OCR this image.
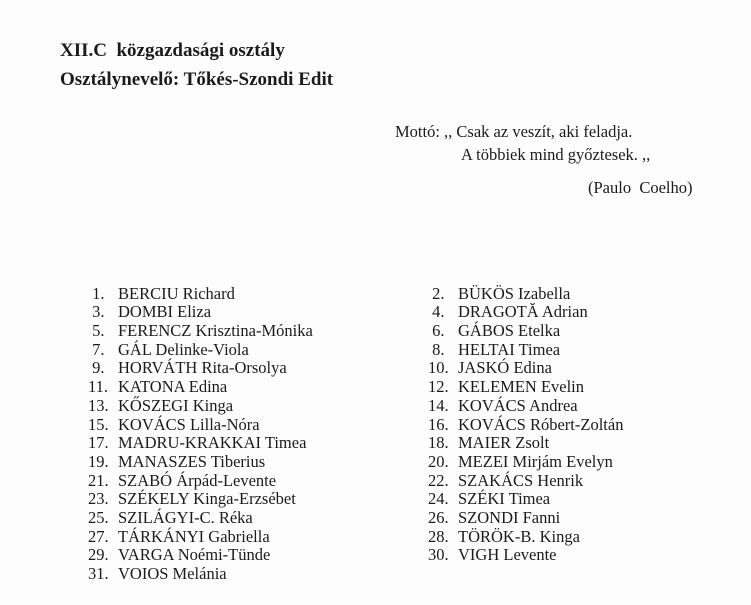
XII.C  közgazdasági osztály
Osztálynevelő: Tőkés-Szondi Edit
Mottó: ,, Csak az veszít, aki feladja.
A többiek mind győztesek. ,,
(Paulo  Coelho)

1. BERCIU Richard

3. DOMBI Eliza

5. FERENCZ Krisztina-Mónika

7. GÁL Delinke-Viola

9. HORVÁTH Rita-Orsolya

11. KATONA Edina

13. KŐSZEGI Kinga

15. KOVÁCS Lilla-Nóra

17. MADRU-KRAKKAI Timea

19. MANASZES Tiberius

21. SZABÓ Árpád-Levente

23. SZÉKELY Kinga-Erzsébet

25. SZILÁGYI-C. Réka

27. TÁRKÁNYI Gabriella

29. VARGA Noémi-Tünde

31. VOIOS Melánia

2. BÜKÖS Izabella

4. DRAGOTĂ Adrian

6. GÁBOS Etelka

8. HELTAI Timea

10. JASKÓ Edina

12. KELEMEN Evelin

14. KOVÁCS Andrea

16. KOVÁCS Róbert-Zoltán

18. MAIER Zsolt

20. MEZEI Mirjám Evelyn

22. SZAKÁCS Henrik

24. SZÉKI Timea

26. SZONDI Fanni

28. TÖRÖK-B. Kinga

30. VIGH Levente
